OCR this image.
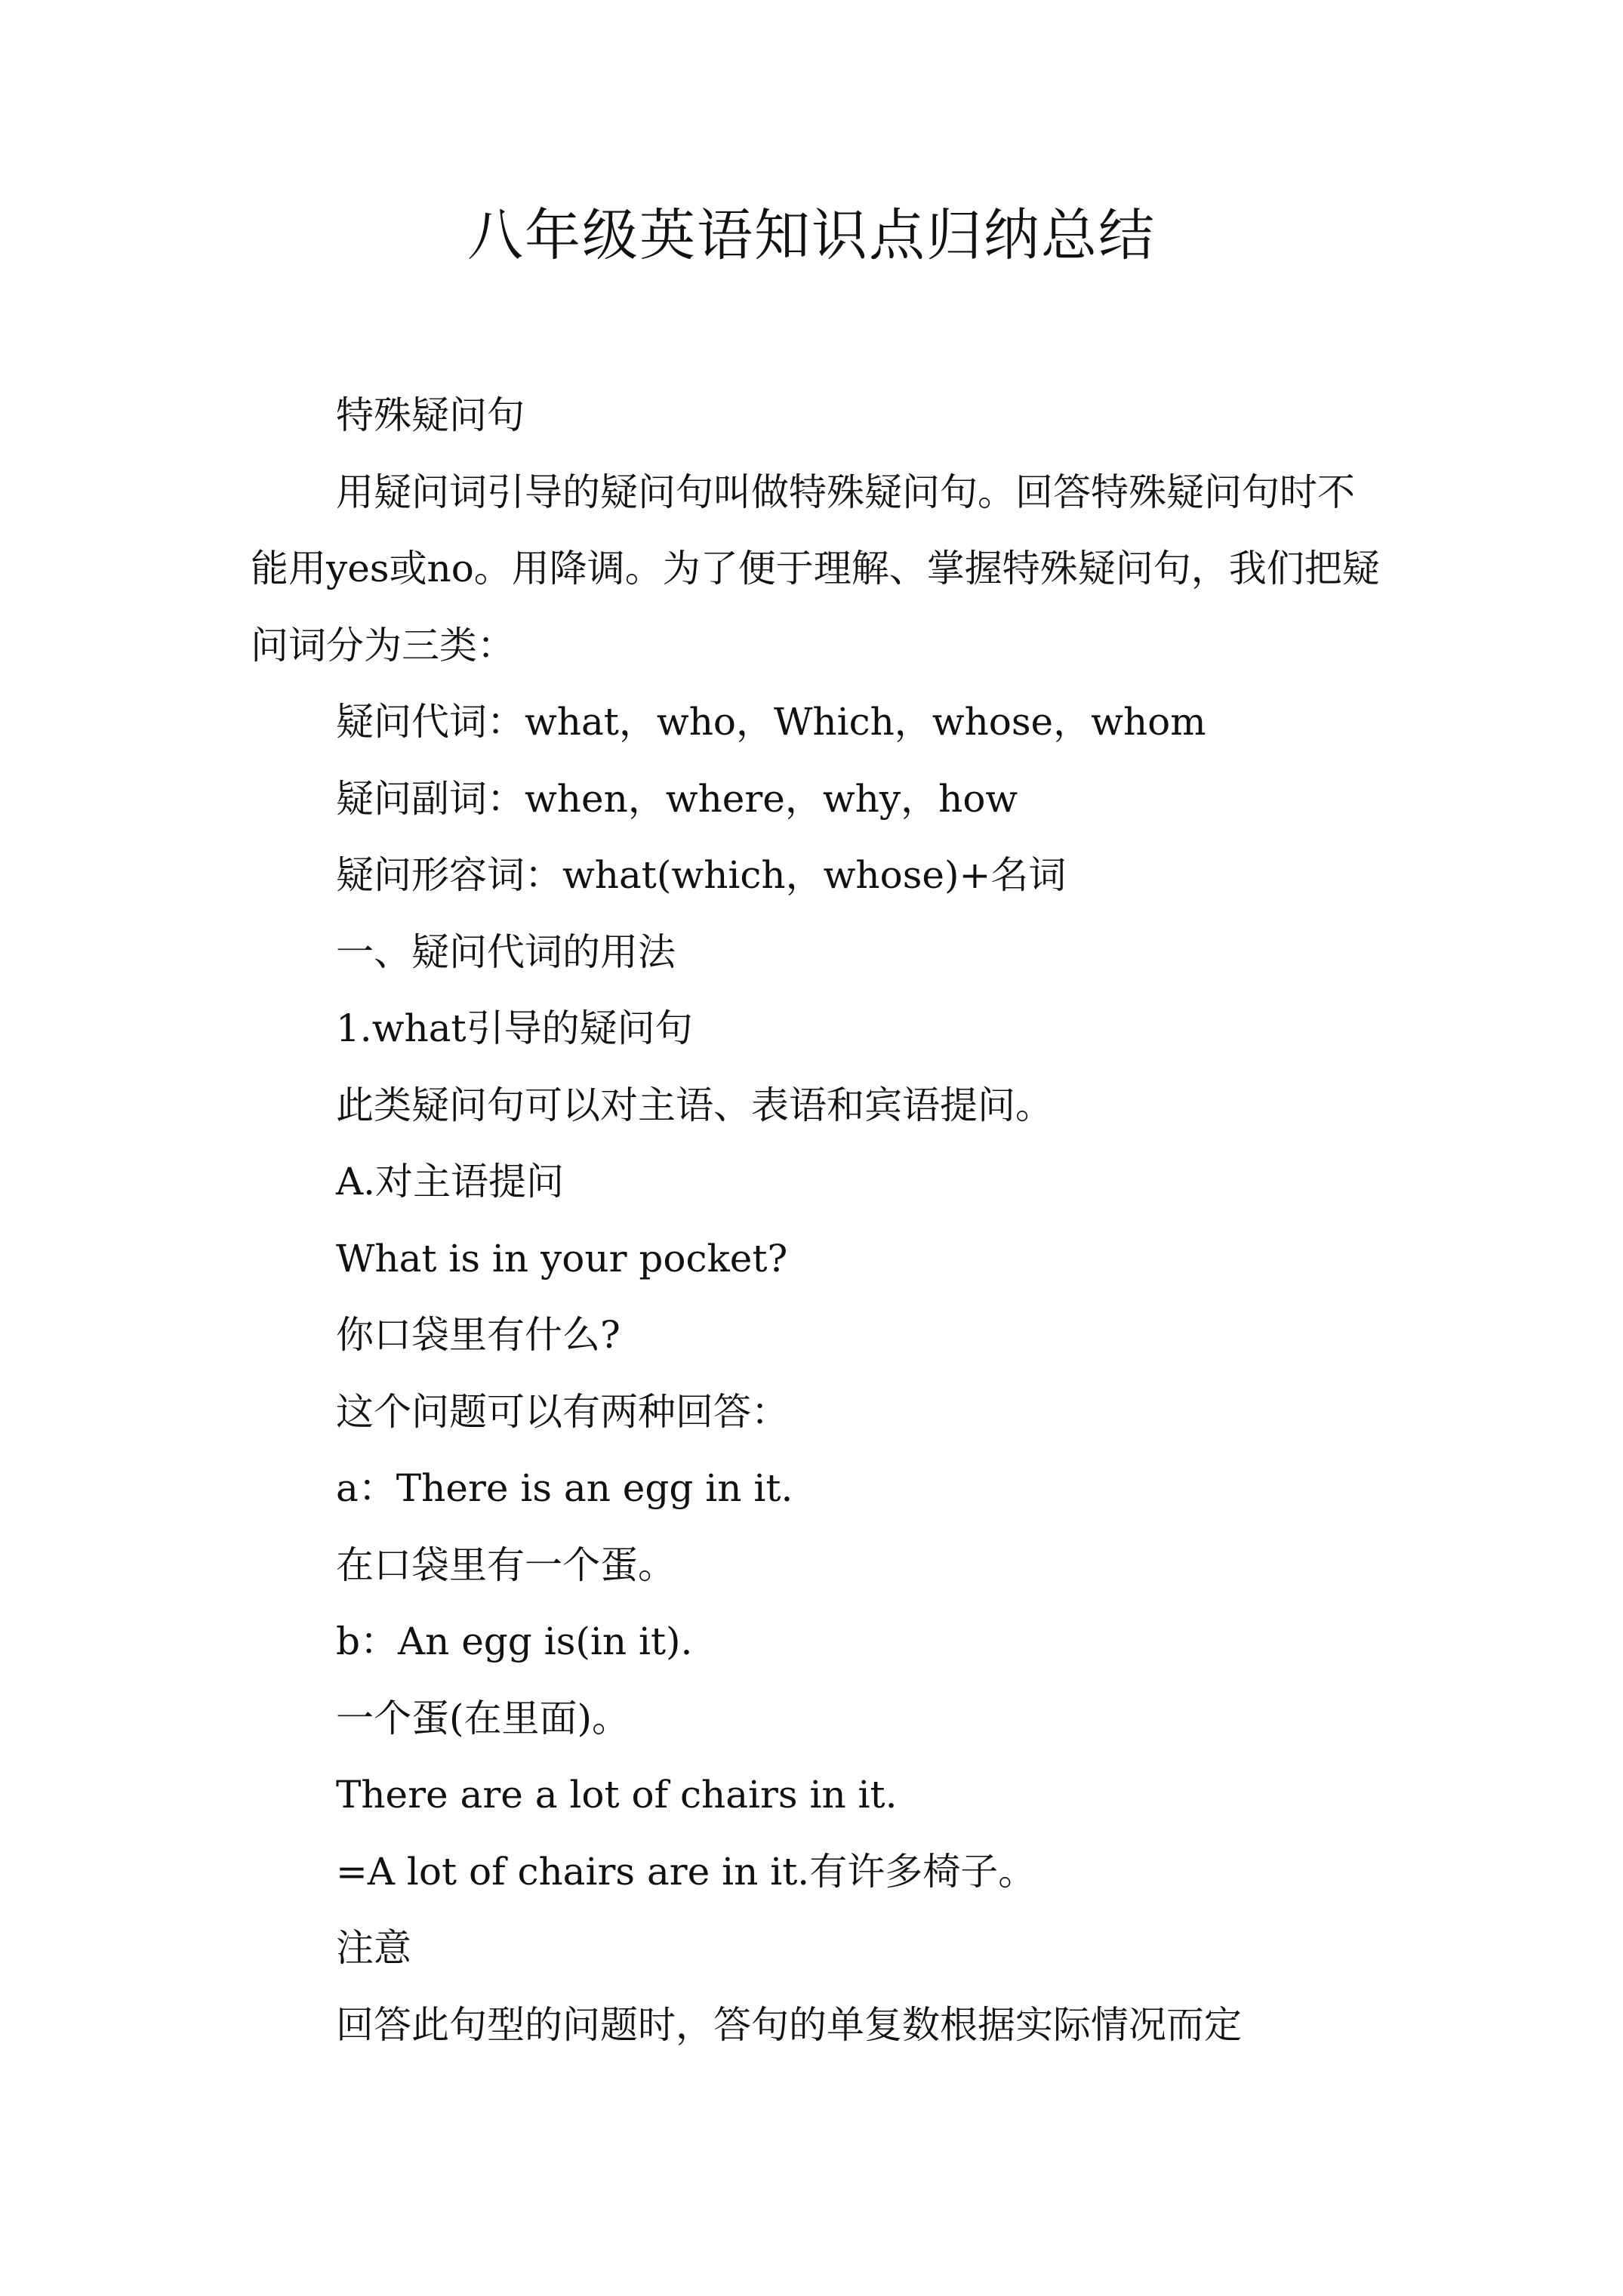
八年级英语知识点归纳总结

特殊疑问句

用疑问词引导的疑问句叫做特殊疑问句。回答特殊疑问句时不能用yes或no。用降调。为了便于理解、掌握特殊疑问句，我们把疑问词分为三类：

疑问代词：what，who，Which，whose，whom

疑问副词：when，where，why，how

疑问形容词：what(which，whose)+名词

一、疑问代词的用法

1.what引导的疑问句

此类疑问句可以对主语、表语和宾语提问。

A.对主语提问

What is in your pocket?

你口袋里有什么?

这个问题可以有两种回答：

a：There is an egg in it.

在口袋里有一个蛋。

b：An egg is(in it).

一个蛋(在里面)。

There are a lot of chairs in it.

=A lot of chairs are in it.有许多椅子。

注意

回答此句型的问题时，答句的单复数根据实际情况而定
